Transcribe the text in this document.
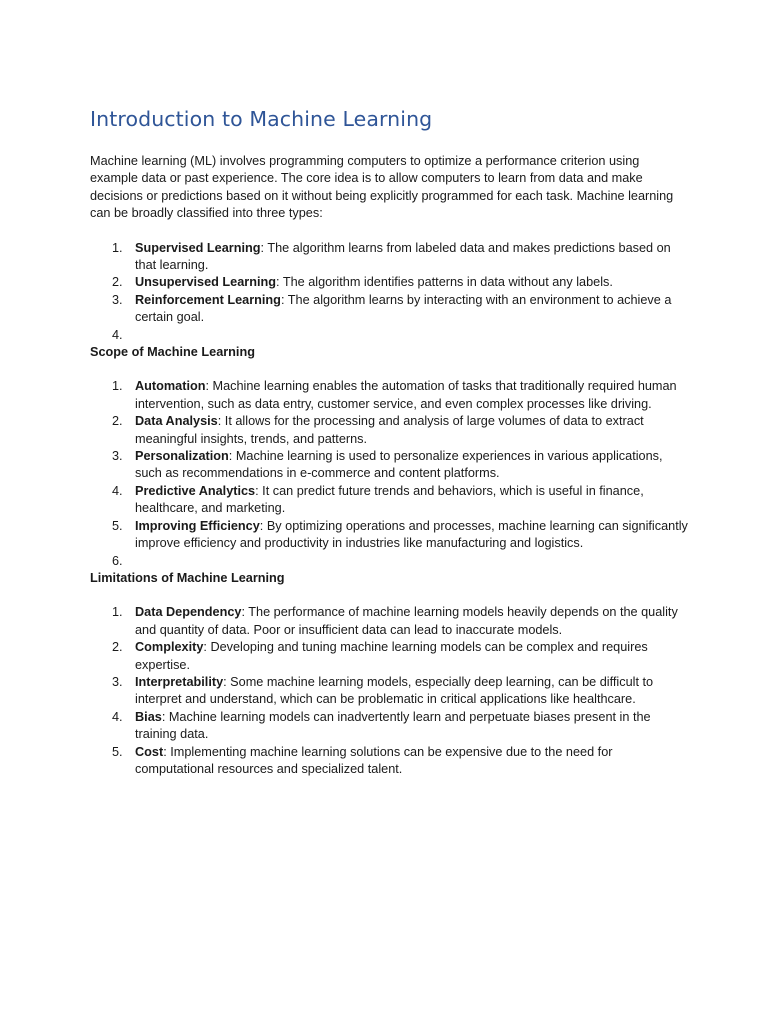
Introduction to Machine Learning

Machine learning (ML) involves programming computers to optimize a performance criterion using example data or past experience. The core idea is to allow computers to learn from data and make decisions or predictions based on it without being explicitly programmed for each task. Machine learning can be broadly classified into three types:

1. Supervised Learning: The algorithm learns from labeled data and makes predictions based on that learning.
2. Unsupervised Learning: The algorithm identifies patterns in data without any labels.
3. Reinforcement Learning: The algorithm learns by interacting with an environment to achieve a certain goal.
4.
Scope of Machine Learning
1. Automation: Machine learning enables the automation of tasks that traditionally required human intervention, such as data entry, customer service, and even complex processes like driving.
2. Data Analysis: It allows for the processing and analysis of large volumes of data to extract meaningful insights, trends, and patterns.
3. Personalization: Machine learning is used to personalize experiences in various applications, such as recommendations in e-commerce and content platforms.
4. Predictive Analytics: It can predict future trends and behaviors, which is useful in finance, healthcare, and marketing.
5. Improving Efficiency: By optimizing operations and processes, machine learning can significantly improve efficiency and productivity in industries like manufacturing and logistics.
6.
Limitations of Machine Learning
1. Data Dependency: The performance of machine learning models heavily depends on the quality and quantity of data. Poor or insufficient data can lead to inaccurate models.
2. Complexity: Developing and tuning machine learning models can be complex and requires expertise.
3. Interpretability: Some machine learning models, especially deep learning, can be difficult to interpret and understand, which can be problematic in critical applications like healthcare.
4. Bias: Machine learning models can inadvertently learn and perpetuate biases present in the training data.
5. Cost: Implementing machine learning solutions can be expensive due to the need for computational resources and specialized talent.
